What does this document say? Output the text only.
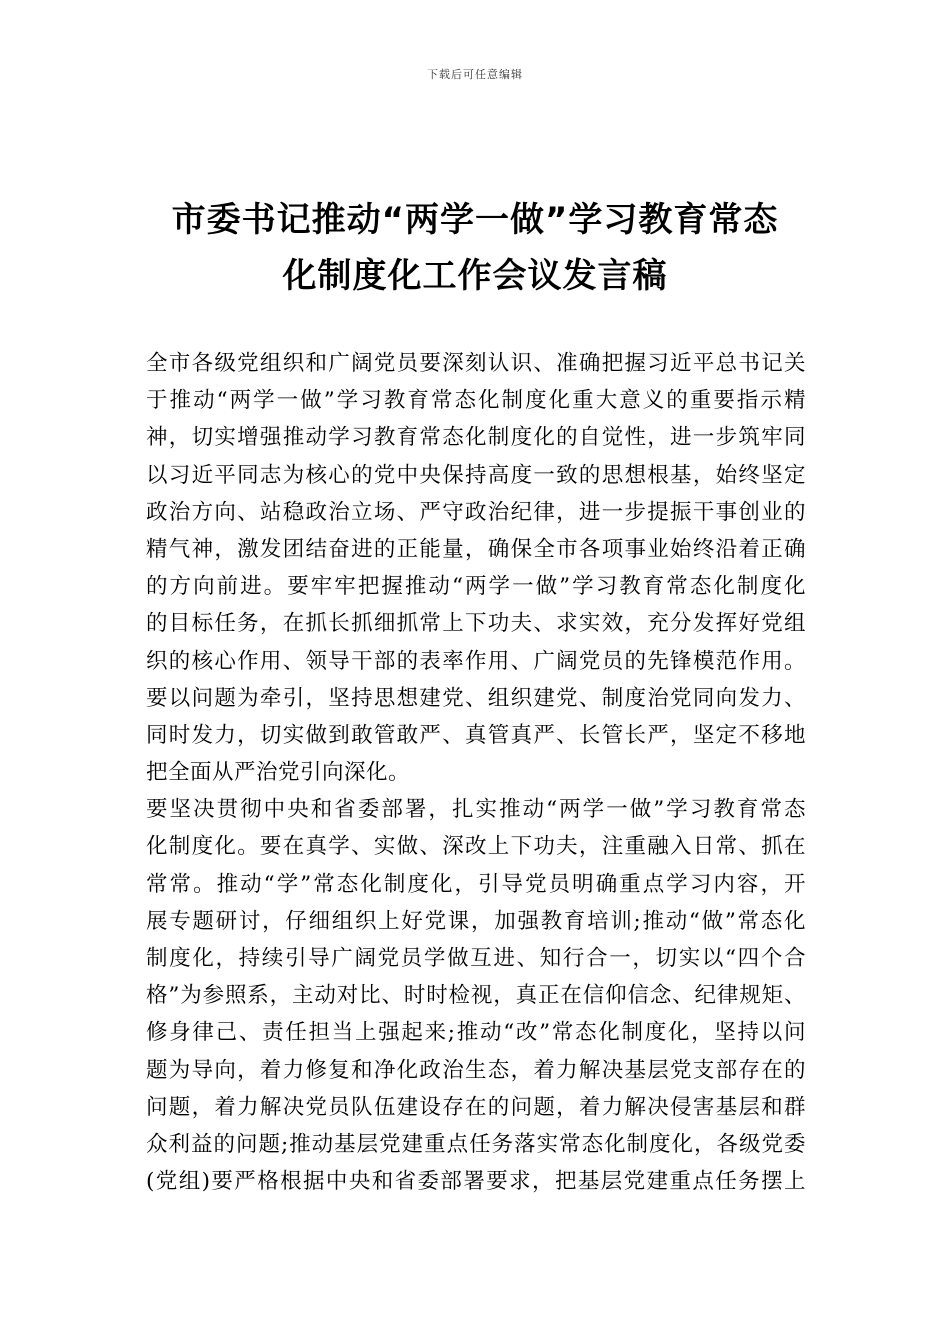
下载后可任意编辑
市委书记推动“两学一做”学习教育常态
化制度化工作会议发言稿
全市各级党组织和广阔党员要深刻认识、准确把握习近平总书记关
于推动“两学一做”学习教育常态化制度化重大意义的重要指示精
神，切实增强推动学习教育常态化制度化的自觉性，进一步筑牢同
以习近平同志为核心的党中央保持高度一致的思想根基，始终坚定
政治方向、站稳政治立场、严守政治纪律，进一步提振干事创业的
精气神，激发团结奋进的正能量，确保全市各项事业始终沿着正确
的方向前进。要牢牢把握推动“两学一做”学习教育常态化制度化
的目标任务，在抓长抓细抓常上下功夫、求实效，充分发挥好党组
织的核心作用、领导干部的表率作用、广阔党员的先锋模范作用。
要以问题为牵引，坚持思想建党、组织建党、制度治党同向发力、
同时发力，切实做到敢管敢严、真管真严、长管长严，坚定不移地
把全面从严治党引向深化。
要坚决贯彻中央和省委部署，扎实推动“两学一做”学习教育常态
化制度化。要在真学、实做、深改上下功夫，注重融入日常、抓在
常常。推动“学”常态化制度化，引导党员明确重点学习内容，开
展专题研讨，仔细组织上好党课，加强教育培训;推动“做”常态化
制度化，持续引导广阔党员学做互进、知行合一，切实以“四个合
格”为参照系，主动对比、时时检视，真正在信仰信念、纪律规矩、
修身律己、责任担当上强起来;推动“改”常态化制度化，坚持以问
题为导向，着力修复和净化政治生态，着力解决基层党支部存在的
问题，着力解决党员队伍建设存在的问题，着力解决侵害基层和群
众利益的问题;推动基层党建重点任务落实常态化制度化，各级党委
(党组)要严格根据中央和省委部署要求，把基层党建重点任务摆上
